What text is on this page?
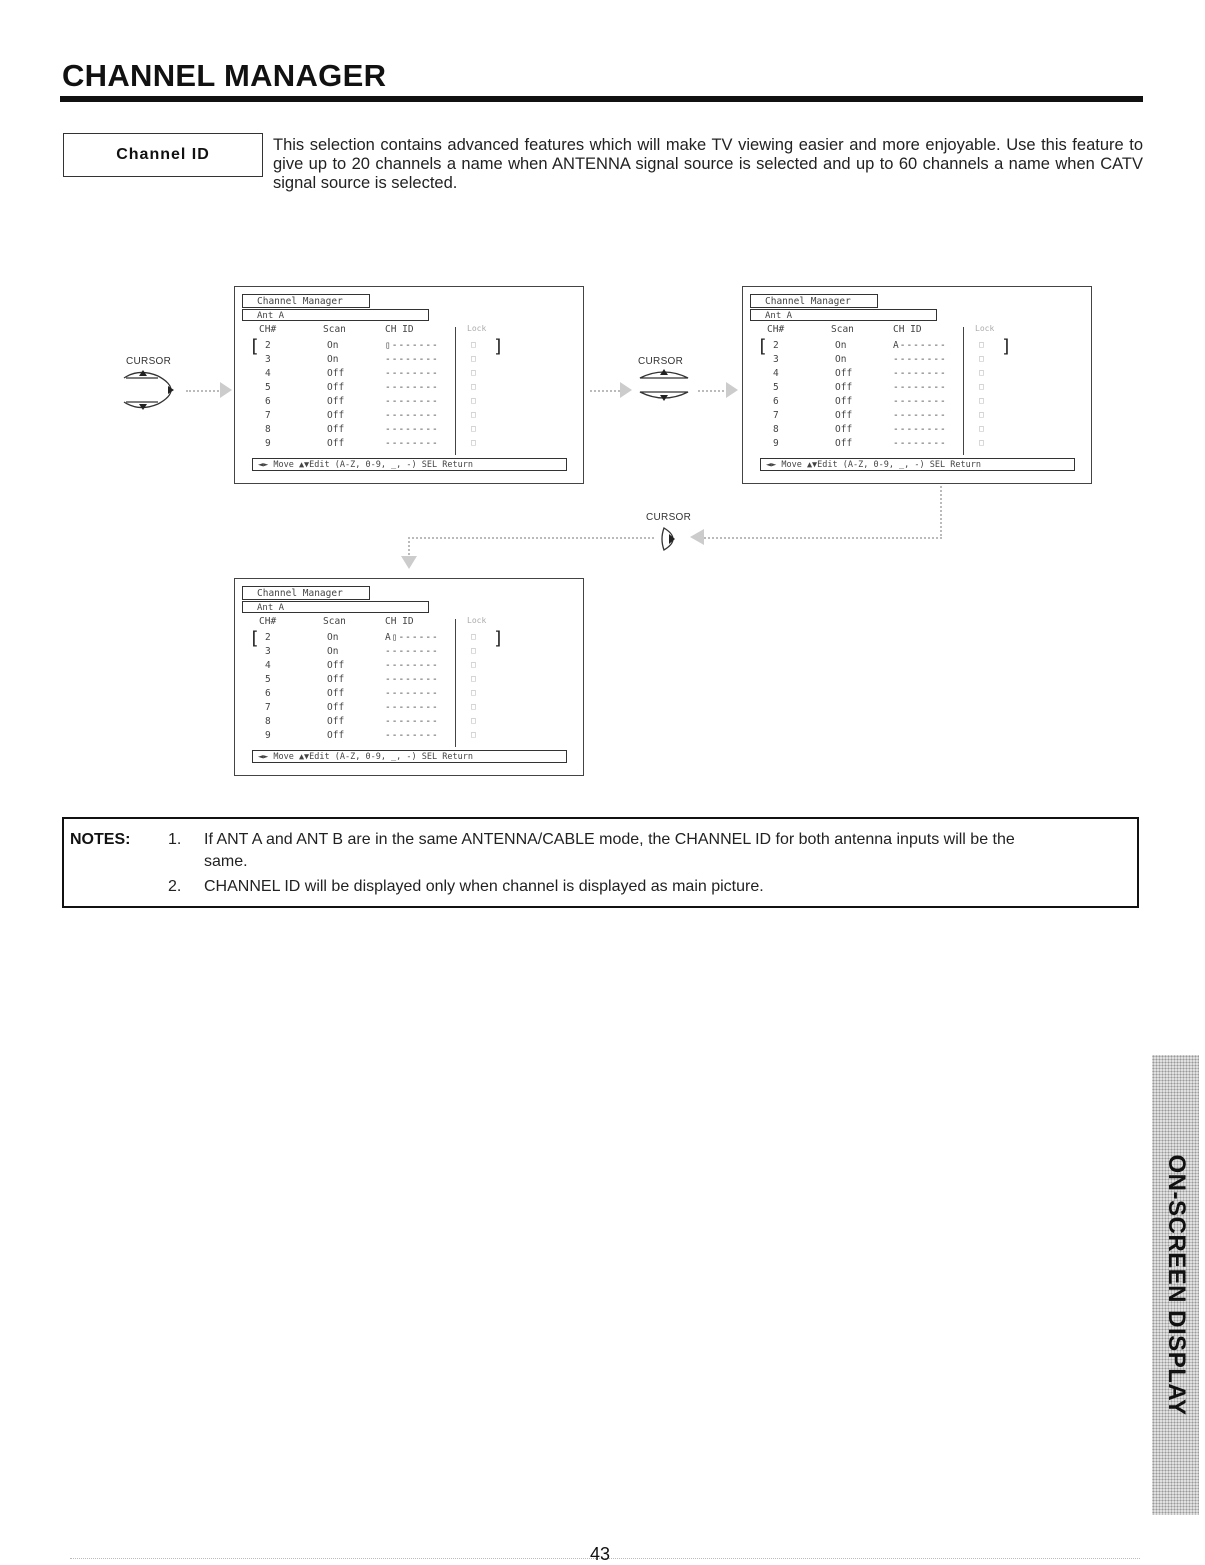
CHANNEL MANAGER
Channel ID
This selection contains advanced features which will make TV viewing easier and more enjoyable. Use this feature to give up to 20 channels a name when ANTENNA signal source is selected and up to 60 channels a name when CATV signal source is selected.
Channel Manager
Ant A
CH#	Scan	CH ID	Lock
[	]
2	On	▯-------	□
3	On	--------	□
4	Off	--------	□
5	Off	--------	□
6	Off	--------	□
7	Off	--------	□
8	Off	--------	□
9	Off	--------	□
◄► Move ▲▼Edit (A-Z, 0-9, _, -) SEL Return
Channel Manager
Ant A
CH#	Scan	CH ID	Lock
[	]
2	On	A-------	□
3	On	--------	□
4	Off	--------	□
5	Off	--------	□
6	Off	--------	□
7	Off	--------	□
8	Off	--------	□
9	Off	--------	□
◄► Move ▲▼Edit (A-Z, 0-9, _, -) SEL Return
Channel Manager
Ant A
CH#	Scan	CH ID	Lock
[	]
2	On	A▯------	□
3	On	--------	□
4	Off	--------	□
5	Off	--------	□
6	Off	--------	□
7	Off	--------	□
8	Off	--------	□
9	Off	--------	□
◄► Move ▲▼Edit (A-Z, 0-9, _, -) SEL Return
CURSOR	CURSOR
CURSOR
NOTES: 1. If ANT A and ANT B are in the same ANTENNA/CABLE mode, the CHANNEL ID for both antenna inputs will be the
same.
2. CHANNEL ID will be displayed only when channel is displayed as main picture.
ON-SCREEN DISPLAY
43
